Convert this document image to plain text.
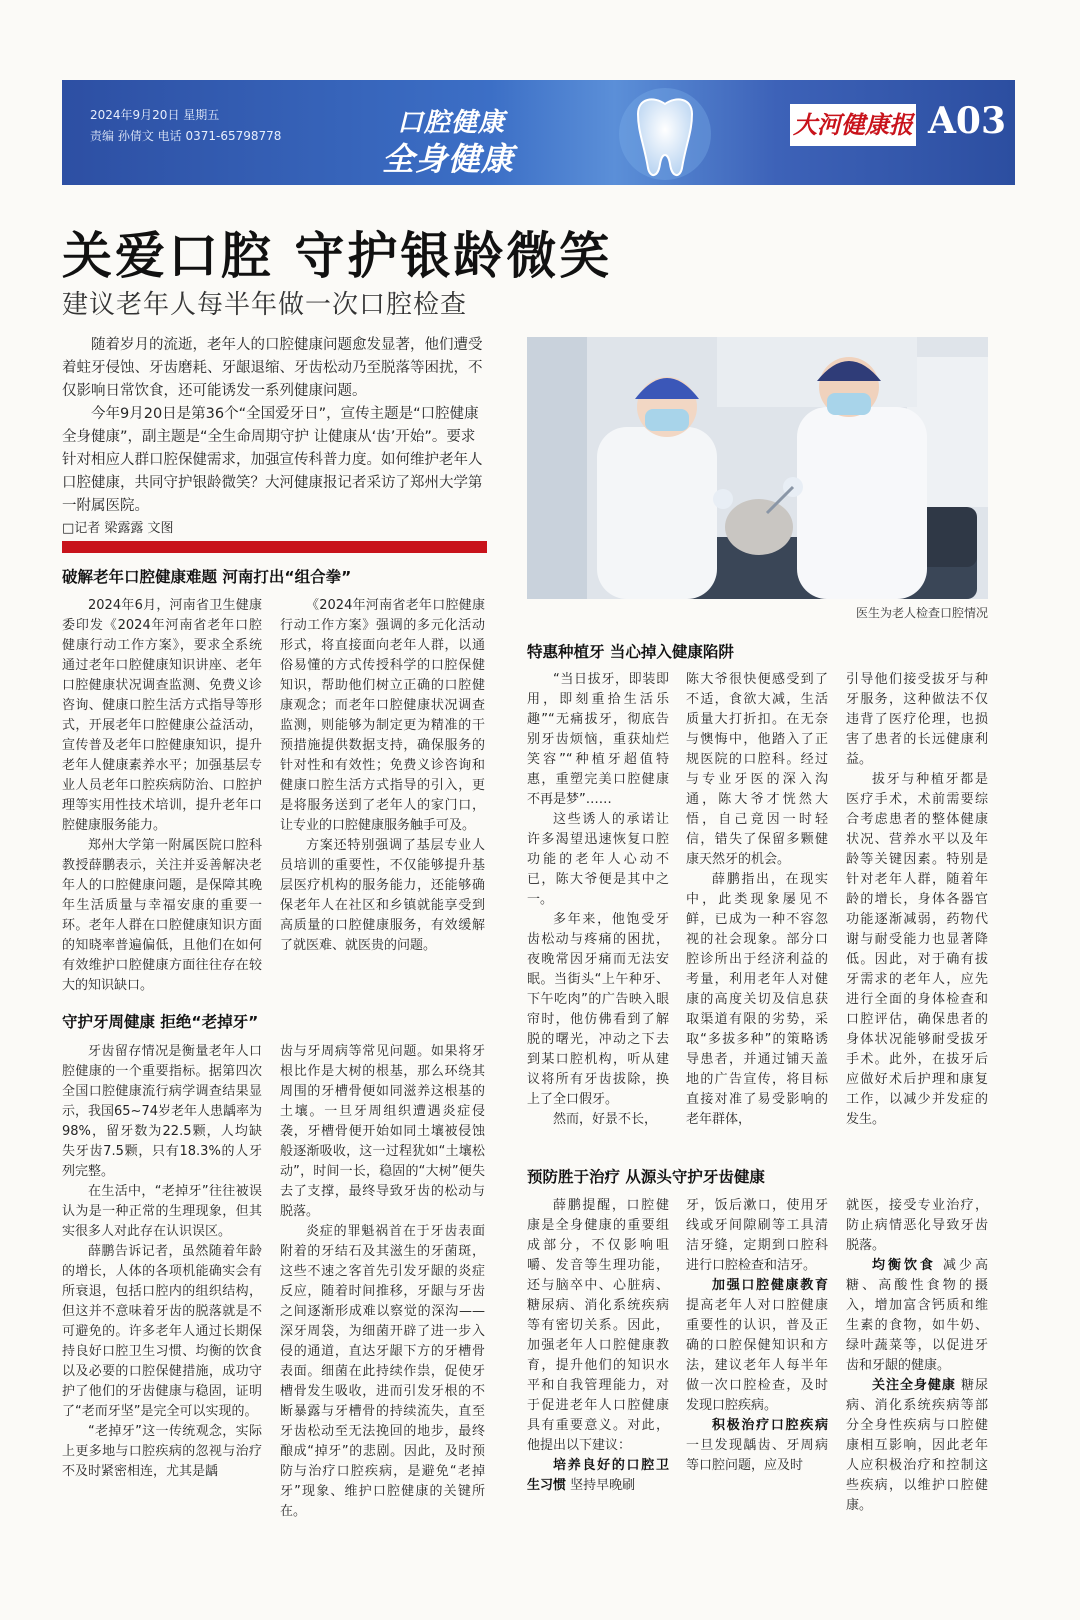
2024年9月20日 星期五
责编 孙倩文 电话 0371-65798778	口腔健康
全身健康
大河健康报 A03
关爱口腔 守护银龄微笑
建议老年人每半年做一次口腔检查

随着岁月的流逝，老年人的口腔健康问题愈发显著，他们遭受着蛀牙侵蚀、牙齿磨耗、牙龈退缩、牙齿松动乃至脱落等困扰，不仅影响日常饮食，还可能诱发一系列健康问题。

今年9月20日是第36个“全国爱牙日”，宣传主题是“口腔健康 全身健康”，副主题是“全生命周期守护 让健康从‘齿’开始”。要求针对相应人群口腔保健需求，加强宣传科普力度。如何维护老年人口腔健康，共同守护银龄微笑？大河健康报记者采访了郑州大学第一附属医院。

□记者 梁露露 文图
医生为老人检查口腔情况
破解老年口腔健康难题 河南打出“组合拳”

2024年6月，河南省卫生健康委印发《2024年河南省老年口腔健康行动工作方案》，要求全系统通过老年口腔健康知识讲座、老年口腔健康状况调查监测、免费义诊咨询、健康口腔生活方式指导等形式，开展老年口腔健康公益活动，宣传普及老年口腔健康知识，提升老年人健康素养水平；加强基层专业人员老年口腔疾病防治、口腔护理等实用性技术培训，提升老年口腔健康服务能力。

郑州大学第一附属医院口腔科教授薛鹏表示，关注并妥善解决老年人的口腔健康问题，是保障其晚年生活质量与幸福安康的重要一环。老年人群在口腔健康知识方面的知晓率普遍偏低，且他们在如何有效维护口腔健康方面往往存在较大的知识缺口。

《2024年河南省老年口腔健康行动工作方案》强调的多元化活动形式，将直接面向老年人群，以通俗易懂的方式传授科学的口腔保健知识，帮助他们树立正确的口腔健康观念；而老年口腔健康状况调查监测，则能够为制定更为精准的干预措施提供数据支持，确保服务的针对性和有效性；免费义诊咨询和健康口腔生活方式指导的引入，更是将服务送到了老年人的家门口，让专业的口腔健康服务触手可及。

方案还特别强调了基层专业人员培训的重要性，不仅能够提升基层医疗机构的服务能力，还能够确保老年人在社区和乡镇就能享受到高质量的口腔健康服务，有效缓解了就医难、就医贵的问题。

守护牙周健康 拒绝“老掉牙”

牙齿留存情况是衡量老年人口腔健康的一个重要指标。据第四次全国口腔健康流行病学调查结果显示，我国65~74岁老年人患龋率为98%，留牙数为22.5颗，人均缺失牙齿7.5颗，只有18.3%的人牙列完整。

在生活中，“老掉牙”往往被误认为是一种正常的生理现象，但其实很多人对此存在认识误区。

薛鹏告诉记者，虽然随着年龄的增长，人体的各项机能确实会有所衰退，包括口腔内的组织结构，但这并不意味着牙齿的脱落就是不可避免的。许多老年人通过长期保持良好口腔卫生习惯、均衡的饮食以及必要的口腔保健措施，成功守护了他们的牙齿健康与稳固，证明了“老而牙坚”是完全可以实现的。

“老掉牙”这一传统观念，实际上更多地与口腔疾病的忽视与治疗不及时紧密相连，尤其是龋

齿与牙周病等常见问题。如果将牙根比作是大树的根基，那么环绕其周围的牙槽骨便如同滋养这根基的土壤。一旦牙周组织遭遇炎症侵袭，牙槽骨便开始如同土壤被侵蚀般逐渐吸收，这一过程犹如“土壤松动”，时间一长，稳固的“大树”便失去了支撑，最终导致牙齿的松动与脱落。

炎症的罪魁祸首在于牙齿表面附着的牙结石及其滋生的牙菌斑，这些不速之客首先引发牙龈的炎症反应，随着时间推移，牙龈与牙齿之间逐渐形成难以察觉的深沟——深牙周袋，为细菌开辟了进一步入侵的通道，直达牙龈下方的牙槽骨表面。细菌在此持续作祟，促使牙槽骨发生吸收，进而引发牙根的不断暴露与牙槽骨的持续流失，直至牙齿松动至无法挽回的地步，最终酿成“掉牙”的悲剧。因此，及时预防与治疗口腔疾病，是避免“老掉牙”现象、维护口腔健康的关键所在。

特惠种植牙 当心掉入健康陷阱

“当日拔牙，即装即用，即刻重拾生活乐趣”“无痛拔牙，彻底告别牙齿烦恼，重获灿烂笑容”“种植牙超值特惠，重塑完美口腔健康不再是梦”……

这些诱人的承诺让许多渴望迅速恢复口腔功能的老年人心动不已，陈大爷便是其中之一。

多年来，他饱受牙齿松动与疼痛的困扰，夜晚常因牙痛而无法安眠。当街头“上午种牙、下午吃肉”的广告映入眼帘时，他仿佛看到了解脱的曙光，冲动之下去到某口腔机构，听从建议将所有牙齿拔除，换上了全口假牙。

然而，好景不长，

陈大爷很快便感受到了不适，食欲大减，生活质量大打折扣。在无奈与懊悔中，他踏入了正规医院的口腔科。经过与专业牙医的深入沟通，陈大爷才恍然大悟，自己竟因一时轻信，错失了保留多颗健康天然牙的机会。

薛鹏指出，在现实中，此类现象屡见不鲜，已成为一种不容忽视的社会现象。部分口腔诊所出于经济利益的考量，利用老年人对健康的高度关切及信息获取渠道有限的劣势，采取“多拔多种”的策略诱导患者，并通过铺天盖地的广告宣传，将目标直接对准了易受影响的老年群体，

引导他们接受拔牙与种牙服务，这种做法不仅违背了医疗伦理，也损害了患者的长远健康利益。

拔牙与种植牙都是医疗手术，术前需要综合考虑患者的整体健康状况、营养水平以及年龄等关键因素。特别是针对老年人群，随着年龄的增长，身体各器官功能逐渐减弱，药物代谢与耐受能力也显著降低。因此，对于确有拔牙需求的老年人，应先进行全面的身体检查和口腔评估，确保患者的身体状况能够耐受拔牙手术。此外，在拔牙后应做好术后护理和康复工作，以减少并发症的发生。

预防胜于治疗 从源头守护牙齿健康

薛鹏提醒，口腔健康是全身健康的重要组成部分，不仅影响咀嚼、发音等生理功能，还与脑卒中、心脏病、糖尿病、消化系统疾病等有密切关系。因此，加强老年人口腔健康教育，提升他们的知识水平和自我管理能力，对于促进老年人口腔健康具有重要意义。对此，他提出以下建议：

培养良好的口腔卫生习惯 坚持早晚刷

牙，饭后漱口，使用牙线或牙间隙刷等工具清洁牙缝，定期到口腔科进行口腔检查和洁牙。

加强口腔健康教育 提高老年人对口腔健康重要性的认识，普及正确的口腔保健知识和方法，建议老年人每半年做一次口腔检查，及时发现口腔疾病。

积极治疗口腔疾病 一旦发现龋齿、牙周病等口腔问题，应及时

就医，接受专业治疗，防止病情恶化导致牙齿脱落。

均衡饮食 减少高糖、高酸性食物的摄入，增加富含钙质和维生素的食物，如牛奶、绿叶蔬菜等，以促进牙齿和牙龈的健康。

关注全身健康 糖尿病、消化系统疾病等部分全身性疾病与口腔健康相互影响，因此老年人应积极治疗和控制这些疾病，以维护口腔健康。
